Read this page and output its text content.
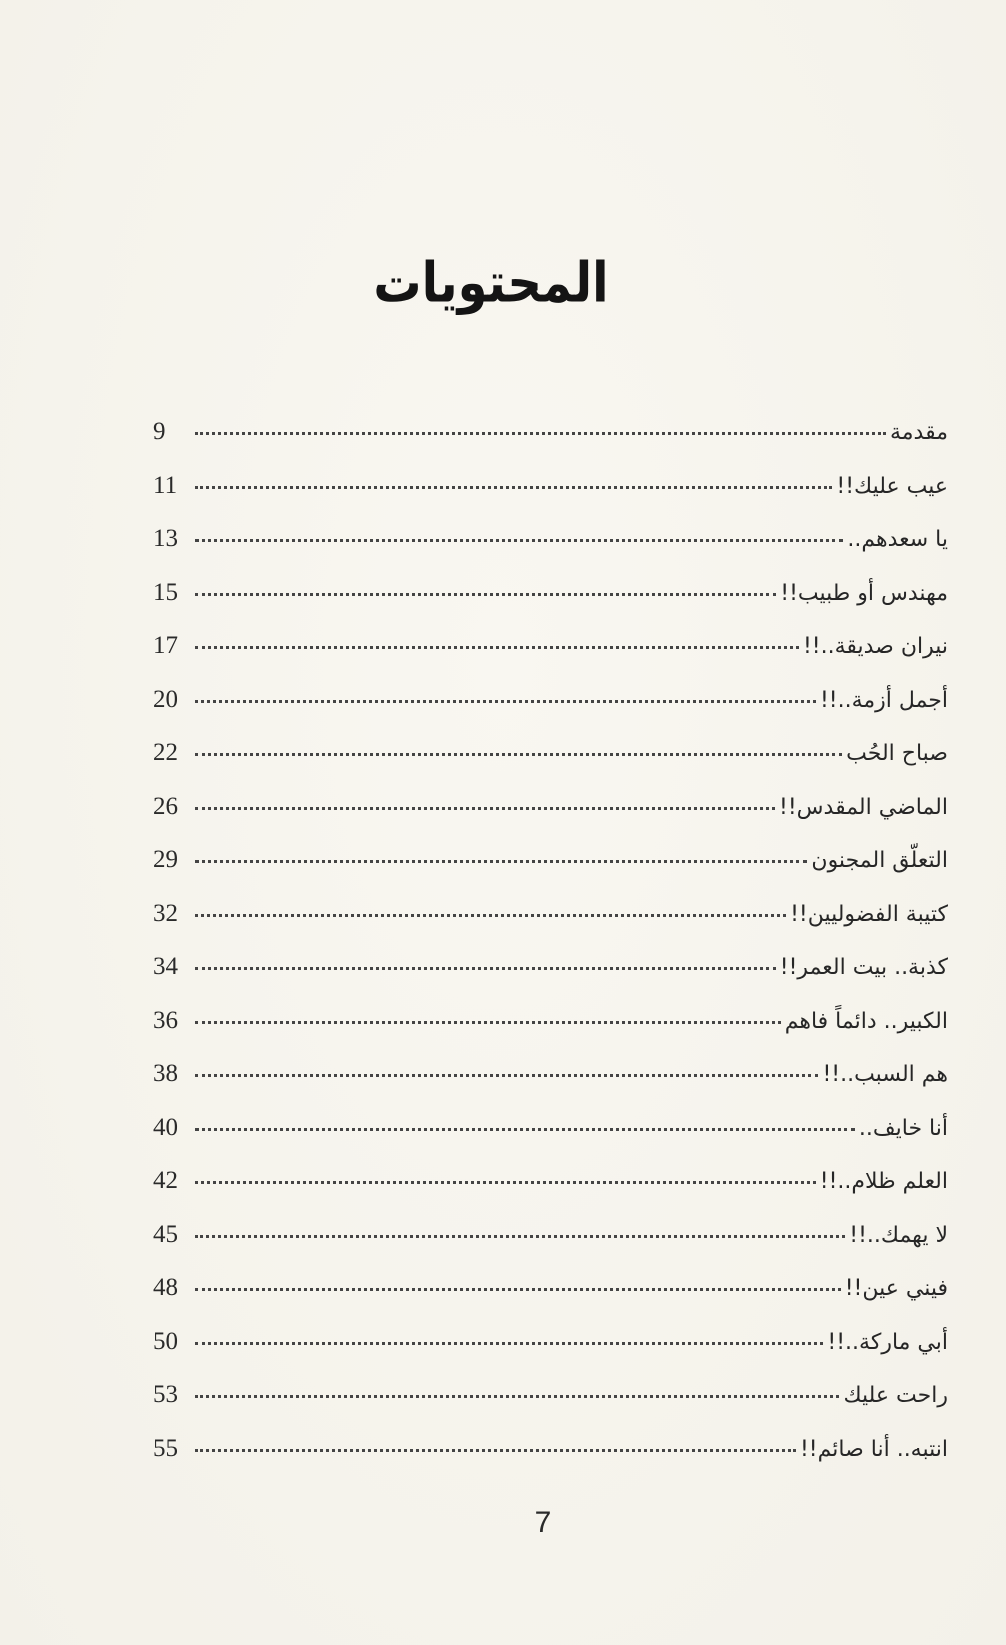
المحتويات
مقدمة
9
عيب عليك!!
11
يا سعدهم..
13
مهندس أو طبيب!!
15
نيران صديقة..!!
17
أجمل أزمة..!!
20
صباح الحُب
22
الماضي المقدس!!
26
التعلّق المجنون
29
كتيبة الفضوليين!!
32
كذبة.. بيت العمر!!
34
الكبير.. دائماً فاهم
36
هم السبب..!!
38
أنا خايف..
40
العلم ظلام..!!
42
لا يهمك..!!
45
فيني عين!!
48
أبي ماركة..!!
50
راحت عليك
53
انتبه.. أنا صائم!!
55
7
